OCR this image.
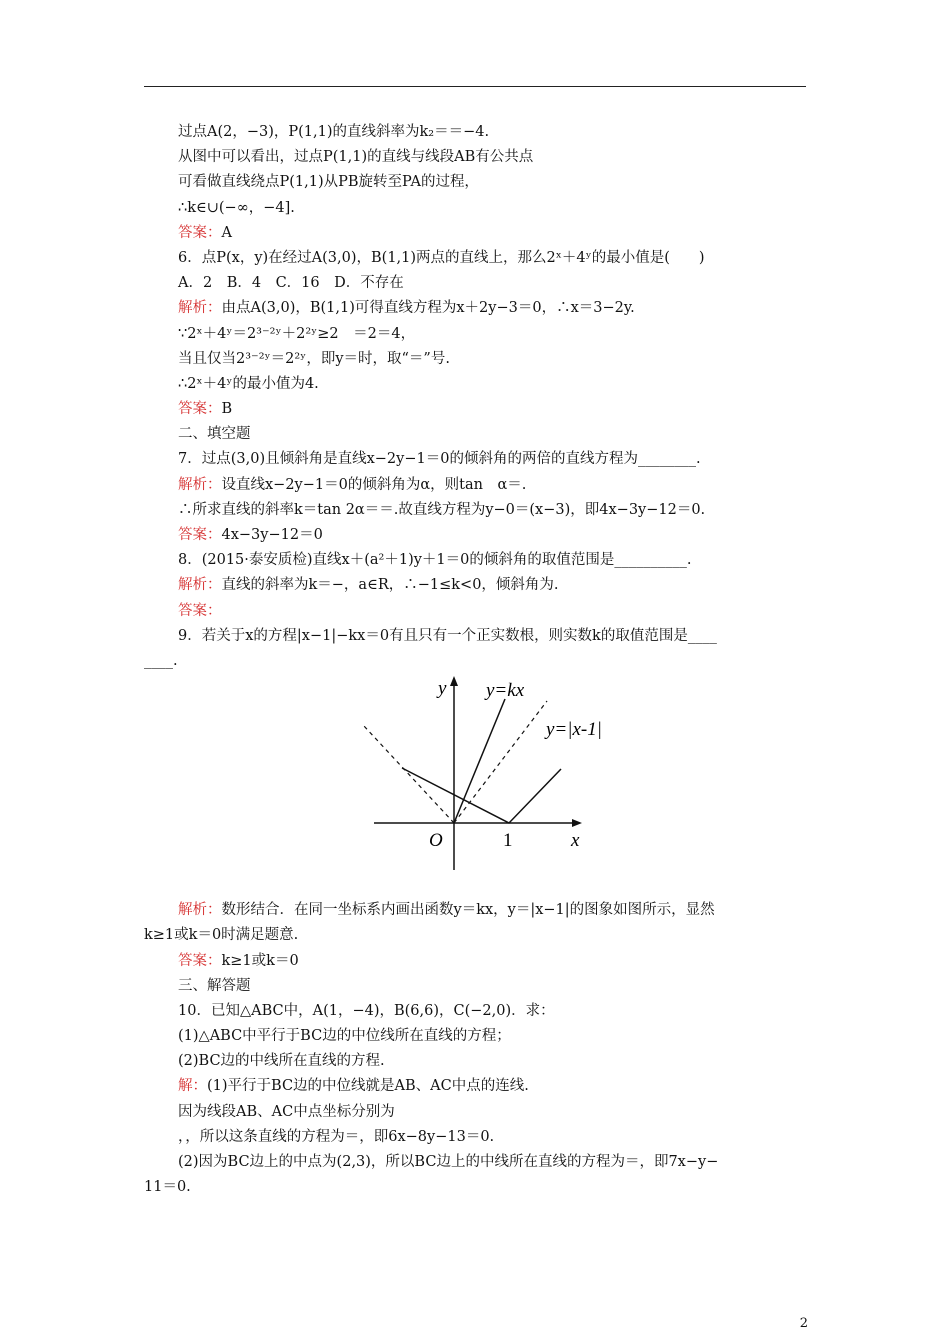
过点A(2，−3)，P(1,1)的直线斜率为k₂＝＝−4.
从图中可以看出，过点P(1,1)的直线与线段AB有公共点
可看做直线绕点P(1,1)从PB旋转至PA的过程，
∴k∈∪(−∞，−4].
答案：A
6．点P(x，y)在经过A(3,0)，B(1,1)两点的直线上，那么2ˣ＋4ʸ的最小值是(　　)
A．2　B．4　C．16　D．不存在
解析：由点A(3,0)，B(1,1)可得直线方程为x＋2y−3＝0，∴x＝3−2y.
∵2ˣ＋4ʸ＝2³⁻²ʸ＋2²ʸ≥2　＝2＝4，
当且仅当2³⁻²ʸ＝2²ʸ，即y＝时，取“＝”号.
∴2ˣ＋4ʸ的最小值为4.
答案：B
二、填空题
7．过点(3,0)且倾斜角是直线x−2y−1＝0的倾斜角的两倍的直线方程为________.
解析：设直线x−2y−1＝0的倾斜角为α，则tan　α＝.
∴所求直线的斜率k＝tan 2α＝＝.故直线方程为y−0＝(x−3)，即4x−3y−12＝0.
答案：4x−3y−12＝0
8．(2015·泰安质检)直线x＋(a²＋1)y＋1＝0的倾斜角的取值范围是__________.
解析：直线的斜率为k＝−，a∈R，∴−1≤k<0，倾斜角为.
答案：
9．若关于x的方程|x−1|−kx＝0有且只有一个正实数根，则实数k的取值范围是____
____.
y
x
O	1
y=kx
y=|x-1|
解析：数形结合．在同一坐标系内画出函数y＝kx，y＝|x−1|的图象如图所示，显然
k≥1或k＝0时满足题意.
答案：k≥1或k＝0
三、解答题
10．已知△ABC中，A(1，−4)，B(6,6)，C(−2,0)．求：
(1)△ABC中平行于BC边的中位线所在直线的方程；
(2)BC边的中线所在直线的方程.
解：(1)平行于BC边的中位线就是AB、AC中点的连线.
因为线段AB、AC中点坐标分别为
，，所以这条直线的方程为＝，即6x−8y−13＝0.
(2)因为BC边上的中点为(2,3)，所以BC边上的中线所在直线的方程为＝，即7x−y−
11＝0.
2
